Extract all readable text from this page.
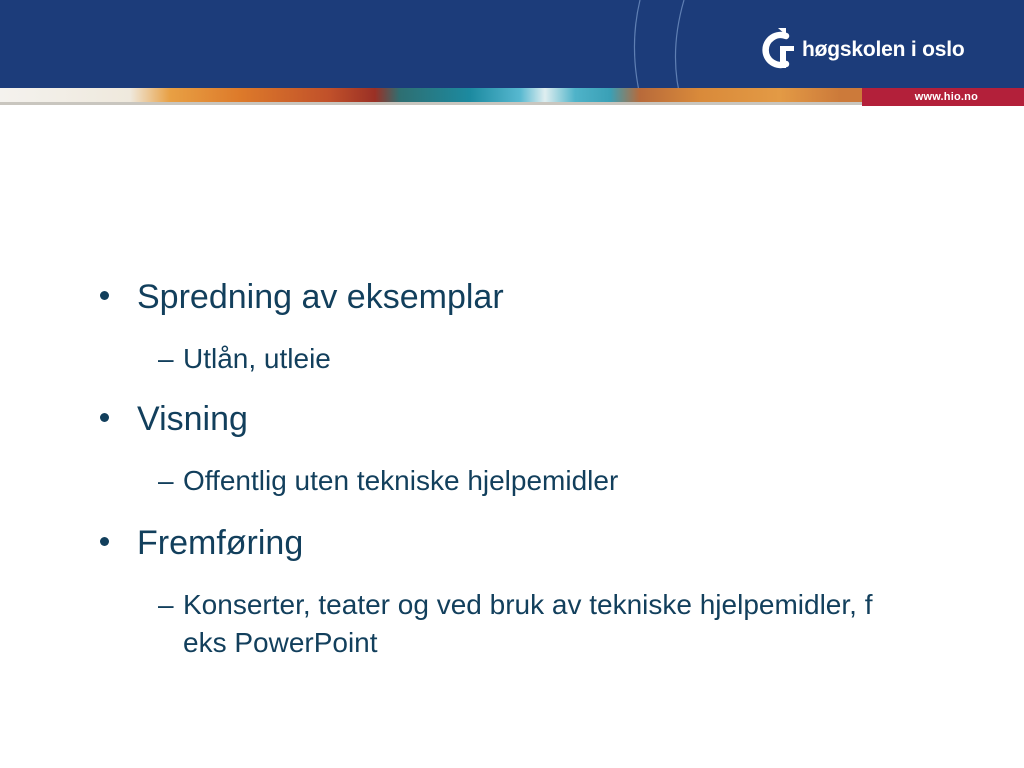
www.hio.no
høgskolen i oslo
Spredning av eksemplar
– Utlån, utleie
Visning
– Offentlig uten tekniske hjelpemidler
Fremføring
– Konserter, teater og ved bruk av tekniske hjelpemidler, f eks PowerPoint
